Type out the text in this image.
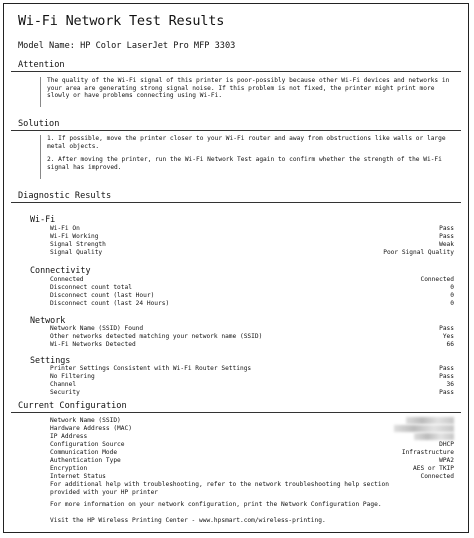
Wi-Fi Network Test Results
Model Name: HP Color LaserJet Pro MFP 3303
Attention

The quality of the Wi-Fi signal of this printer is poor-possibly because other Wi-Fi devices and networks in your area are generating strong signal noise. If this problem is not fixed, the printer might print more slowly or have problems connecting using Wi-Fi.

Solution

1. If possible, move the printer closer to your Wi-Fi router and away from obstructions like walls or large metal objects.

2. After moving the printer, run the Wi-Fi Network Test again to confirm whether the strength of the Wi-Fi signal has improved.

Diagnostic Results
Wi-Fi
Wi-Fi On	Pass
Wi-Fi Working	Pass
Signal Strength	Weak
Signal Quality	Poor Signal Quality
Connectivity
Connected	Connected
Disconnect count total	0
Disconnect count (last Hour)	0
Disconnect count (last 24 Hours)	0
Network
Network Name (SSID) Found	Pass
Other networks detected matching your network name (SSID)	Yes
Wi-Fi Networks Detected	66
Settings
Printer Settings Consistent with Wi-Fi Router Settings	Pass
No Filtering	Pass
Channel	36
Security	Pass
Current Configuration
Network Name (SSID)
Hardware Address (MAC)
IP Address
Configuration Source	DHCP
Communication Mode	Infrastructure
Authentication Type	WPA2
Encryption	AES or TKIP
Internet Status	Connected
For additional help with troubleshooting, refer to the network troubleshooting help section provided with your HP printer
For more information on your network configuration, print the Network Configuration Page.
Visit the HP Wireless Printing Center - www.hpsmart.com/wireless-printing.
